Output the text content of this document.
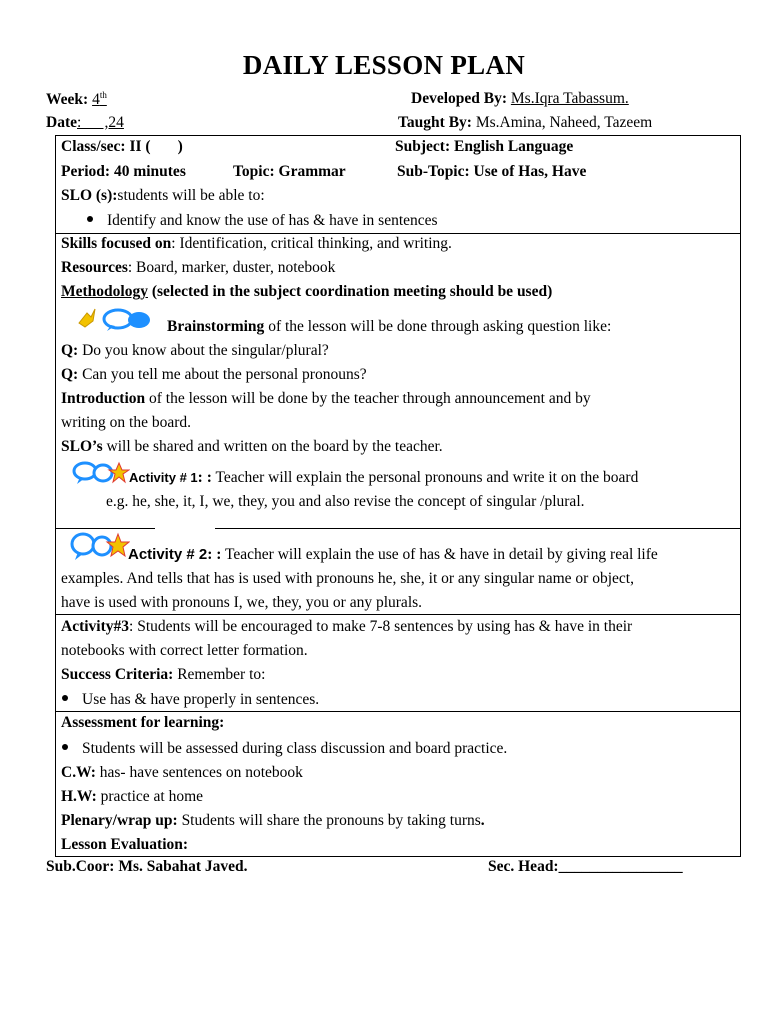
DAILY LESSON PLAN
Week: 4th	Developed By: Ms.Iqra Tabassum.
Date:      ,24	Taught By: Ms.Amina, Naheed, Tazeem
Class/sec: II (       )	Subject: English Language
Period: 40 minutes	Topic: Grammar	Sub-Topic: Use of Has, Have
SLO (s):students will be able to:
Identify and know the use of has & have in sentences
Skills focused on: Identification, critical thinking, and writing.
Resources: Board, marker, duster, notebook
Methodology (selected in the subject coordination meeting should be used)
Brainstorming of the lesson will be done through asking question like:
Q: Do you know about the singular/plural?
Q: Can you tell me about the personal pronouns?
Introduction of the lesson will be done by the teacher through announcement and by
writing on the board.
SLO’s will be shared and written on the board by the teacher.
Activity # 1: : Teacher will explain the personal pronouns and write it on the board
e.g. he, she, it, I, we, they, you and also revise the concept of singular /plural.
Activity # 2: : Teacher will explain the use of has & have in detail by giving real life
examples. And tells that has is used with pronouns he, she, it or any singular name or object,
have is used with pronouns I, we, they, you or any plurals.
Activity#3: Students will be encouraged to make 7-8 sentences by using has & have in their
notebooks with correct letter formation.
Success Criteria: Remember to:
Use has & have properly in sentences.
Assessment for learning:
Students will be assessed during class discussion and board practice.
C.W: has- have sentences on notebook
H.W: practice at home
Plenary/wrap up: Students will share the pronouns by taking turns.
Lesson Evaluation:
Sub.Coor: Ms. Sabahat Javed.	Sec. Head:________________
